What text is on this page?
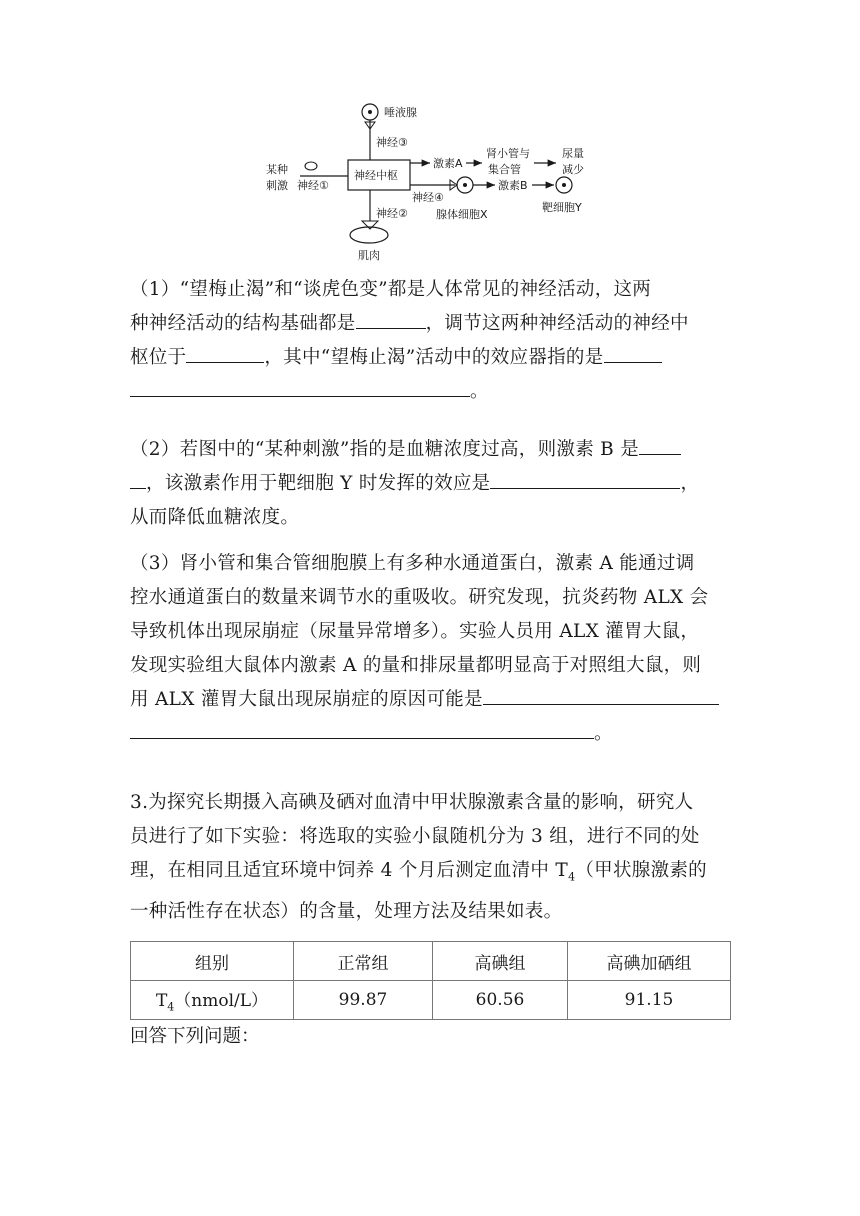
唾液腺
神经③
某种
刺激 神经①
神经中枢
激素A
肾小管与
集合管
尿量
减少
神经④
腺体细胞X
激素B
靶细胞Y
神经②
肌肉
（1）“望梅止渴”和“谈虎色变”都是人体常见的神经活动，这两
种神经活动的结构基础都是	，调节这两种神经活动的神经中
枢位于	，其中“望梅止渴”活动中的效应器指的是
。
（2）若图中的“某种刺激”指的是血糖浓度过高，则激素 B 是
，该激素作用于靶细胞 Y 时发挥的效应是	，
从而降低血糖浓度。
（3）肾小管和集合管细胞膜上有多种水通道蛋白，激素 A 能通过调
控水通道蛋白的数量来调节水的重吸收。研究发现，抗炎药物 ALX 会
导致机体出现尿崩症（尿量异常增多）。实验人员用 ALX 灌胃大鼠，
发现实验组大鼠体内激素 A 的量和排尿量都明显高于对照组大鼠，则
用 ALX 灌胃大鼠出现尿崩症的原因可能是
。
3.为探究长期摄入高碘及硒对血清中甲状腺激素含量的影响，研究人
员进行了如下实验：将选取的实验小鼠随机分为 3 组，进行不同的处
理，在相同且适宜环境中饲养 4 个月后测定血清中 $T_4$（甲状腺激素的
一种活性存在状态）的含量，处理方法及结果如表。
组别	正常组	高碘组	高碘加硒组
$T_4(nmol/L)$	99.87	60.56	91.15
回答下列问题：
